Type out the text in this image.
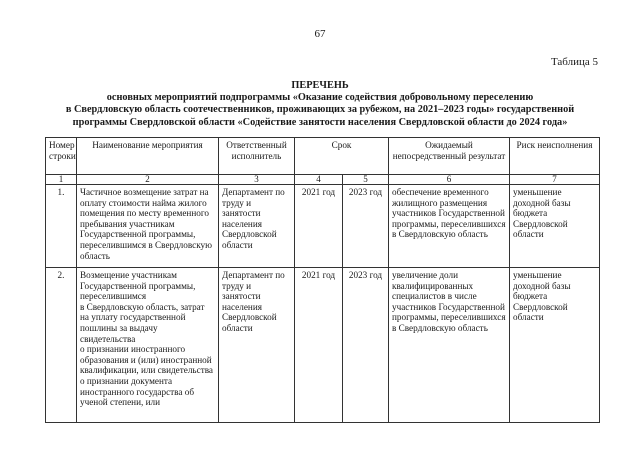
67
Таблица 5
ПЕРЕЧЕНЬ
основных мероприятий подпрограммы «Оказание содействия добровольному переселению
в Свердловскую область соотечественников, проживающих за рубежом, на 2021–2023 годы» государственной
программы Свердловской области «Содействие занятости населения Свердловской области до 2024 года»
Номер строки	Наименование мероприятия	Ответственный исполнитель	Срок		Ожидаемый непосредственный результат	Риск неисполнения
1	2	3	4	5	6	7
1.	Частичное возмещение затрат на оплату стоимости найма жилого помещения по месту временного пребывания участникам Государственной программы, переселившимся в Свердловскую область	Департамент по труду и занятости населения Свердловской области	2021 год	2023 год	обеспечение временного жилищного размещения участников Государственной программы, переселившихся в Свердловскую область	уменьшение доходной базы бюджета Свердловской области
2.	Возмещение участникам Государственной программы, переселившимся
в Свердловскую область, затрат на уплату государственной пошлины за выдачу свидетельства
о признании иностранного образования и (или) иностранной квалификации, или свидетельства
о признании документа иностранного государства об ученой степени, или	Департамент по труду и занятости населения Свердловской области	2021 год	2023 год	увеличение доли квалифицированных специалистов в числе участников Государственной программы, переселившихся в Свердловскую область	уменьшение доходной базы бюджета Свердловской области
